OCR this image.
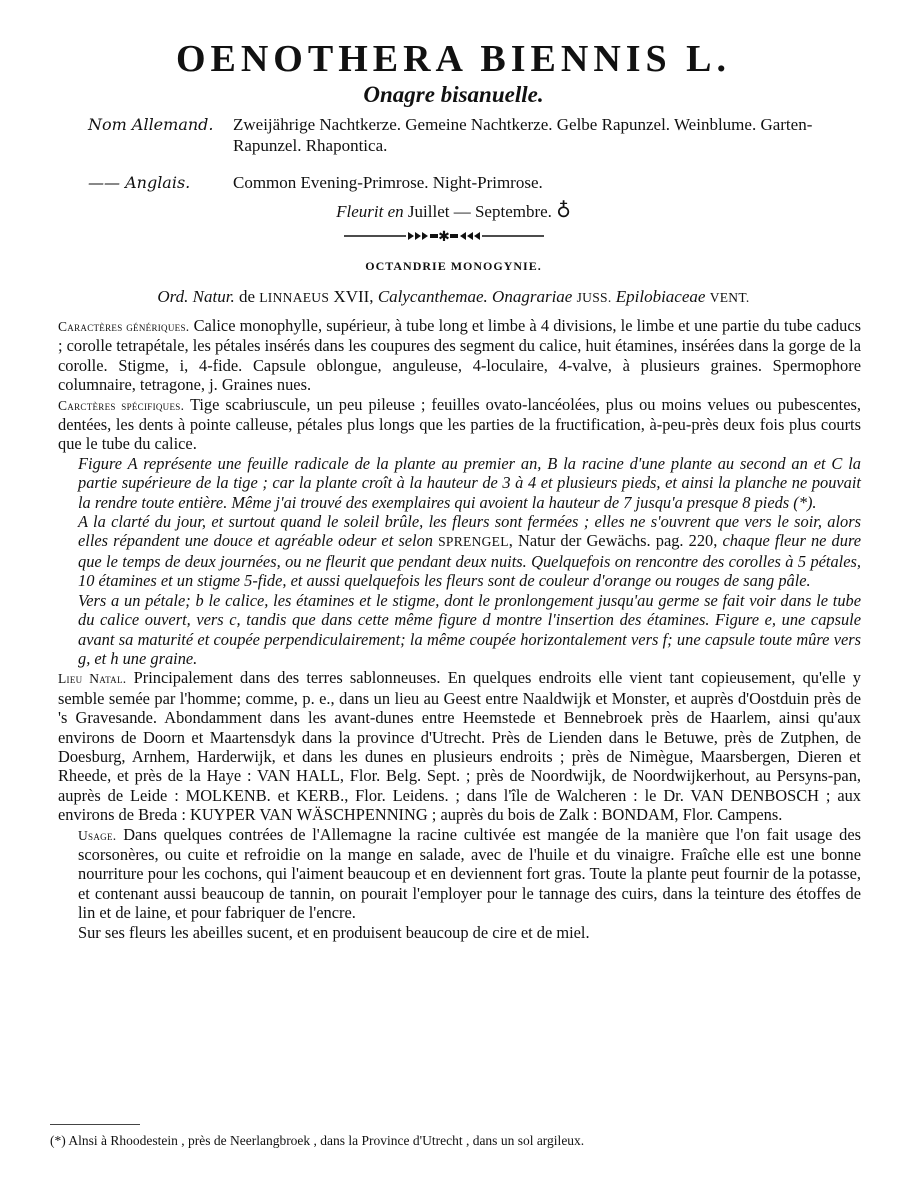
OENOTHERA BIENNIS L.
Onagre bisanuelle.
Nom Allemand.	Zweijährige Nachtkerze. Gemeine Nachtkerze. Gelbe Rapunzel. Weinblume. Garten-Rapunzel. Rhapontica.
—— Anglais.	Common Evening-Primrose. Night-Primrose.
Fleurit en Juillet — Septembre. ♁
✱
OCTANDRIE MONOGYNIE.
Ord. Natur. de LINNAEUS XVII, Calycanthemae. Onagrariae JUSS. Epilobiaceae VENT.

Caractères génériques. Calice monophylle, supérieur, à tube long et limbe à 4 divisions, le limbe et une partie du tube caducs ; corolle tetrapétale, les pétales insérés dans les coupures des segment du calice, huit étamines, insérées dans la gorge de la corolle. Stigme, i, 4-fide. Capsule oblongue, anguleuse, 4-loculaire, 4-valve, à plusieurs graines. Spermophore columnaire, tetragone, j. Graines nues.

Carctères spécifiques. Tige scabriuscule, un peu pileuse ; feuilles ovato-lancéolées, plus ou moins velues ou pubescentes, dentées, les dents à pointe calleuse, pétales plus longs que les parties de la fructification, à-peu-près deux fois plus courts que le tube du calice.

Figure A représente une feuille radicale de la plante au premier an, B la racine d'une plante au second an et C la partie supérieure de la tige ; car la plante croît à la hauteur de 3 à 4 et plusieurs pieds, et ainsi la planche ne pouvait la rendre toute entière. Même j'ai trouvé des exemplaires qui avoient la hauteur de 7 jusqu'a presque 8 pieds (*).

A la clarté du jour, et surtout quand le soleil brûle, les fleurs sont fermées ; elles ne s'ouvrent que vers le soir, alors elles répandent une douce et agréable odeur et selon SPRENGEL, Natur der Gewächs. pag. 220, chaque fleur ne dure que le temps de deux journées, ou ne fleurit que pendant deux nuits. Quelquefois on rencontre des corolles à 5 pétales, 10 étamines et un stigme 5-fide, et aussi quelquefois les fleurs sont de couleur d'orange ou rouges de sang pâle.

Vers a un pétale; b le calice, les étamines et le stigme, dont le pronlongement jusqu'au germe se fait voir dans le tube du calice ouvert, vers c, tandis que dans cette même figure d montre l'insertion des étamines. Figure e, une capsule avant sa maturité et coupée perpendiculairement; la même coupée horizontalement vers f; une capsule toute mûre vers g, et h une graine.

Lieu Natal. Principalement dans des terres sablonneuses. En quelques endroits elle vient tant copieusement, qu'elle y semble semée par l'homme; comme, p. e., dans un lieu au Geest entre Naaldwijk et Monster, et auprès d'Oostduin près de 's Gravesande. Abondamment dans les avant-dunes entre Heemstede et Bennebroek près de Haarlem, ainsi qu'aux environs de Doorn et Maartensdyk dans la province d'Utrecht. Près de Lienden dans le Betuwe, près de Zutphen, de Doesburg, Arnhem, Harderwijk, et dans les dunes en plusieurs endroits ; près de Nimègue, Maarsbergen, Dieren et Rheede, et près de la Haye : VAN HALL, Flor. Belg. Sept. ; près de Noordwijk, de Noordwijkerhout, au Persyns-pan, auprès de Leide : MOLKENB. et KERB., Flor. Leidens. ; dans l'île de Walcheren : le Dr. VAN DENBOSCH ; aux environs de Breda : KUYPER VAN WÄSCHPENNING ; auprès du bois de Zalk : BONDAM, Flor. Campens.

Usage. Dans quelques contrées de l'Allemagne la racine cultivée est mangée de la manière que l'on fait usage des scorsonères, ou cuite et refroidie on la mange en salade, avec de l'huile et du vinaigre. Fraîche elle est une bonne nourriture pour les cochons, qui l'aiment beaucoup et en deviennent fort gras. Toute la plante peut fournir de la potasse, et contenant aussi beaucoup de tannin, on pourait l'employer pour le tannage des cuirs, dans la teinture des étoffes de lin et de laine, et pour fabriquer de l'encre.

Sur ses fleurs les abeilles sucent, et en produisent beaucoup de cire et de miel.

(*) Alnsi à Rhoodestein , près de Neerlangbroek , dans la Province d'Utrecht , dans un sol argileux.
